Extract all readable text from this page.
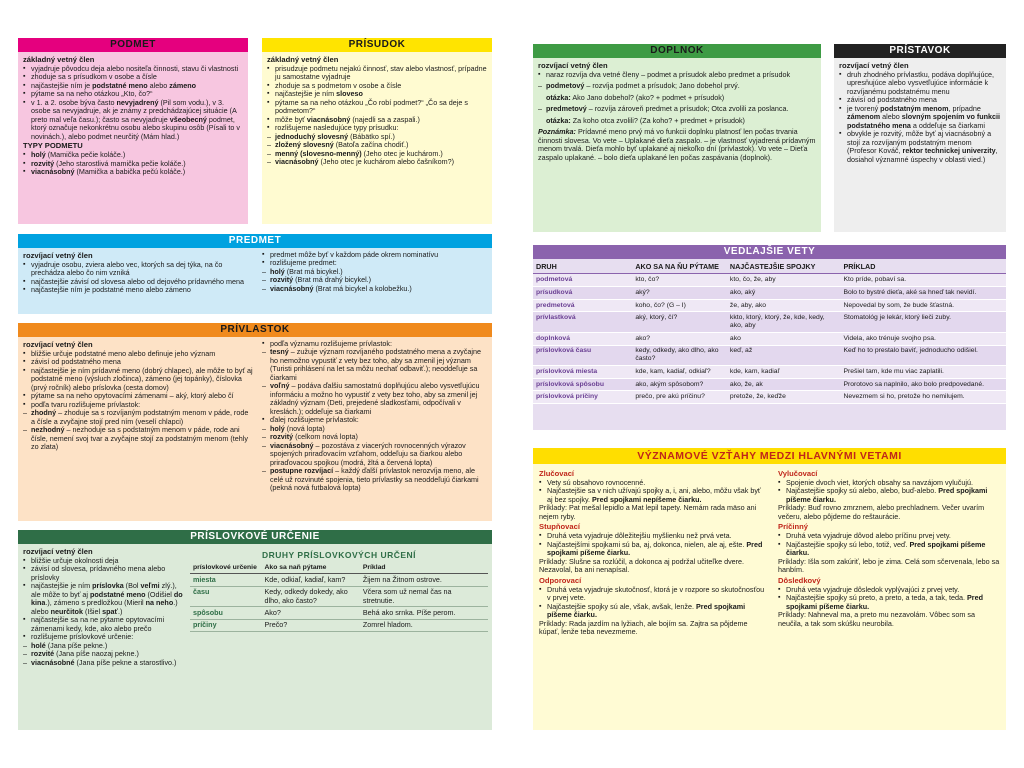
PODMET
základný vetný člen
▪ vyjadruje pôvodcu deja alebo nositeľa činnosti, stavu či vlastnosti
▪ zhoduje sa s prísudkom v osobe a čísle
▪ najčastejšie ním je podstatné meno alebo zámeno
▪ pýtame sa na neho otázkou „Kto, čo?“
▪ v 1. a 2. osobe býva často nevyjadrený (Pil som vodu.), v 3. osobe sa nevyjadruje, ak je známy z predchádzajúcej situácie (A preto mal veľa času.); často sa nevyjadruje všeobecný podmet, ktorý označuje nekonkrétnu osobu alebo skupinu osôb (Písali to v novinách.), alebo podmet neurčitý (Mám hlad.)
TYPY PODMETU
▪ holý (Mamička pečie koláče.)
▪ rozvitý (Jeho starostlivá mamička pečie koláče.)
▪ viacnásobný (Mamička a babička pečú koláče.)
PRÍSUDOK
základný vetný člen
▪ prisudzuje podmetu nejakú činnosť, stav alebo vlastnosť, prípadne ju samostatne vyjadruje
▪ zhoduje sa s podmetom v osobe a čísle
▪ najčastejšie je ním sloveso
▪ pýtame sa na neho otázkou „Čo robí podmet?“ „Čo sa deje s podmetom?“
▪ môže byť viacnásobný (najedli sa a zaspali.)
▪ rozlišujeme nasledujúce typy prísudku:
– jednoduchý slovesný (Bábätko spí.)
– zložený slovesný (Batoľa začína chodiť.)
– menný (slovesno-menný) (Jeho otec je kuchárom.)
– viacnásobný (Jeho otec je kuchárom alebo čašníkom?)
PREDMET
rozvíjací vetný člen
▪ vyjadruje osobu, zviera alebo vec, ktorých sa dej týka, na čo prechádza alebo čo nim vzniká
▪ najčastejšie závisí od slovesa alebo od dejového prídavného mena
▪ najčastejšie ním je podstatné meno alebo zámeno
▪ predmet môže byť v každom páde okrem nominatívu
▪ rozlišujeme predmet:
– holý (Brat má bicykel.)
– rozvitý (Brat má drahý bicykel.)
– viacnásobný (Brat má bicykel a kolobežku.)
PRÍVLASTOK
rozvíjací vetný člen
▪ bližšie určuje podstatné meno alebo definuje jeho význam
▪ závisí od podstatného mena
▪ najčastejšie je ním prídavné meno (dobrý chlapec), ale môže to byť aj podstatné meno (výsluch zločinca), zámeno (jej topánky), číslovka (prvý ročník) alebo príslovka (cesta domov)
▪ pýtame sa na neho opytovacími zámenami – aký, ktorý alebo čí
▪ podľa tvaru rozlišujeme prívlastok:
– zhodný – zhoduje sa s rozvíjaným podstatným menom v páde, rode a čísle a zvyčajne stojí pred ním (veselí chlapci)
– nezhodný – nezhoduje sa s podstatným menom v páde, rode ani čísle, nemení svoj tvar a zvyčajne stojí za podstatným menom (tehly zo zlata)
▪ podľa významu rozlišujeme prívlastok:
– tesný – zužuje význam rozvíjaného podstatného mena a zvyčajne ho nemožno vypustiť z vety bez toho, aby sa zmenil jej význam (Turisti prihlásení na let sa môžu nechať odbaviť.); neoddeľuje sa čiarkami
– voľný – podáva ďalšiu samostatnú doplňujúcu alebo vysvetľujúcu informáciu a možno ho vypustiť z vety bez toho, aby sa zmenil jej základný význam (Deti, prejedené sladkosťami, odpočívali v kreslách.); oddeľuje sa čiarkami
▪ ďalej rozlišujeme prívlastok:
– holý (nová lopta)
– rozvitý (celkom nová lopta)
– viacnásobný – pozostáva z viacerých rovnocenných výrazov spojených priraďovacím vzťahom, oddeľuju sa čiarkou alebo priraďovacou spojkou (modrá, žltá a červená lopta)
– postupne rozvíjací – každý ďalší prívlastok nerozvíja meno, ale celé už rozvinuté spojenia, tieto prívlastky sa neoddeľujú čiarkami (pekná nová futbalová lopta)
PRÍSLOVKOVÉ URČENIE
rozvíjací vetný člen
▪ bližšie určuje okolnosti deja
▪ závisí od slovesa, prídavného mena alebo príslovky
▪ najčastejšie je ním príslovka (Bol veľmi zlý.), ale môže to byť aj podstatné meno (Odišiel do kina.), zámeno s predložkou (Mieril na neho.) alebo neurčitok (Išiel spať.)
▪ najčastejšie sa na ne pýtame opytovacími zámenami kedy, kde, ako alebo prečo
▪ rozlišujeme príslovkové určenie:
– holé (Jana píše pekne.)
– rozvité (Jana píše naozaj pekne.)
– viacnásobné (Jana píše pekne a starostlivo.)
DRUHY PRÍSLOVKOVÝCH URČENÍ
príslovkové určenie	Ako sa naň pýtame	Príklad
miesta	Kde, odkiaľ, kadiaľ, kam?	Žijem na Žitnom ostrove.
času	Kedy, odkedy dokedy, ako dlho, ako často?	Včera som už nemal čas na stretnutie.
spôsobu	Ako?	Behá ako srnka. Píše perom.
príčiny	Prečo?	Zomrel hladom.
DOPLNOK
rozvíjací vetný člen
▪ naraz rozvíja dva vetné členy – podmet a prísudok alebo predmet a prísudok
– podmetový – rozvíja podmet a prísudok; Jano dobehol prvý.
otázka: Ako Jano dobehol? (ako? + podmet + prísudok)
– predmetový – rozvíja zároveň predmet a prísudok; Otca zvolili za poslanca.
otázka: Za koho otca zvolili? (Za koho? + predmet + prísudok)
Poznámka: Prídavné meno prvý má vo funkcii doplnku platnosť len počas trvania činnosti slovesa. Vo vete – Uplakané dieťa zaspalo. – je vlastnosť vyjadrená prídavným menom trvalá. Dieťa mohlo byť uplakané aj niekoľko dní (prívlastok). Vo vete – Dieťa zaspalo uplakané. – bolo dieťa uplakané len počas zaspávania (doplnok).
PRÍSTAVOK
rozvíjací vetný člen
▪ druh zhodného prívlastku, podáva doplňujúce, upresňujúce alebo vysvetľujúce informácie k rozvíjanému podstatnému menu
▪ závisí od podstatného mena
▪ je tvorený podstatným menom, prípadne zámenom alebo slovným spojením vo funkcii podstatného mena a oddeľuje sa čiarkami
▪ obvykle je rozvitý, môže byť aj viacnásobný a stojí za rozvíjaným podstatným menom (Profesor Kováč, rektor technickej univerzity, dosiahol významné úspechy v oblasti vied.)
VEDĽAJŠIE VETY
DRUH	AKO SA NA ŇU PÝTAME	NAJČASTEJŠIE SPOJKY	PRÍKLAD
podmetová	kto, čo?	kto, čo, že, aby	Kto príde, pobaví sa.
prísudková	aký?	ako, aký	Bolo to bystré dieťa, aké sa hneď tak nevidí.
predmetová	koho, čo? (G – I)	že, aby, ako	Nepovedal by som, že bude šťastná.
prívlastková	aký, ktorý, čí?	kkto, ktorý, ktorý, že, kde, kedy, ako, aby	Stomatológ je lekár, ktorý lieči zuby.
doplnková	ako?	ako	Videla, ako trénuje svojho psa.
príslovková času	kedy, odkedy, ako dlho, ako často?	keď, až	Keď ho to prestalo baviť, jednoducho odišiel.
príslovková miesta	kde, kam, kadiaľ, odkiaľ?	kde, kam, kadiaľ	Prešiel tam, kde mu viac zaplatili.
príslovková spôsobu	ako, akým spôsobom?	ako, že, ak	Prorotovo sa naplnilo, ako bolo predpovedané.
príslovková príčiny	prečo, pre akú príčinu?	pretože, že, keďže	Nevezmem si ho, pretože ho nemilujem.
VÝZNAMOVÉ VZŤAHY MEDZI HLAVNÝMI VETAMI
Zlučovací
▪ Vety sú obsahovo rovnocenné.
▪ Najčastejšie sa v nich užívajú spojky a, i, ani, alebo, môžu však byť aj bez spojky. Pred spojkami nepíšeme čiarku.
Príklady: Pat mešal lepidlo a Mat lepil tapety. Nemám rada mäso ani nejem ryby.
Stupňovací
▪ Druhá veta vyjadruje dôležitejšiu myšlienku než prvá veta.
▪ Najčastejšími spojkami sú ba, aj, dokonca, nielen, ale aj, ešte. Pred spojkami píšeme čiarku.
Príklady: Slušne sa rozlúčil, a dokonca aj podržal učiteľke dvere. Nezavolal, ba ani nenapísal.
Odporovací
▪ Druhá veta vyjadruje skutočnosť, ktorá je v rozpore so skutočnosťou v prvej vete.
▪ Najčastejšie spojky sú ale, však, avšak, lenže. Pred spojkami píšeme čiarku.
Príklady: Rada jazdím na lyžiach, ale bojím sa. Zajtra sa pôjdeme kúpať, lenže teba nevezmeme.
Vylučovací
▪ Spojenie dvoch viet, ktorých obsahy sa navzájom vylučujú.
▪ Najčastejšie spojky sú alebo, alebo, buď-alebo. Pred spojkami píšeme čiarku.
Príklady: Buď rovno zmrznem, alebo prechladnem. Večer uvarím večeru, alebo pôjdeme do reštaurácie.
Príčinný
▪ Druhá veta vyjadruje dôvod alebo príčinu prvej vety.
▪ Najčastejšie spojky sú lebo, totiž, veď. Pred spojkami píšeme čiarku.
Príklady: Išla som zakúriť, lebo je zima. Celá som sčervenala, lebo sa hanbím.
Dôsledkový
▪ Druhá veta vyjadruje dôsledok vyplývajúci z prvej vety.
▪ Najčastejšie spojky sú preto, a preto, a teda, a tak, teda. Pred spojkami píšeme čiarku.
Príklady: Nahneval ma, a preto mu nezavolám. Vôbec som sa neučila, a tak som skúšku neurobila.
